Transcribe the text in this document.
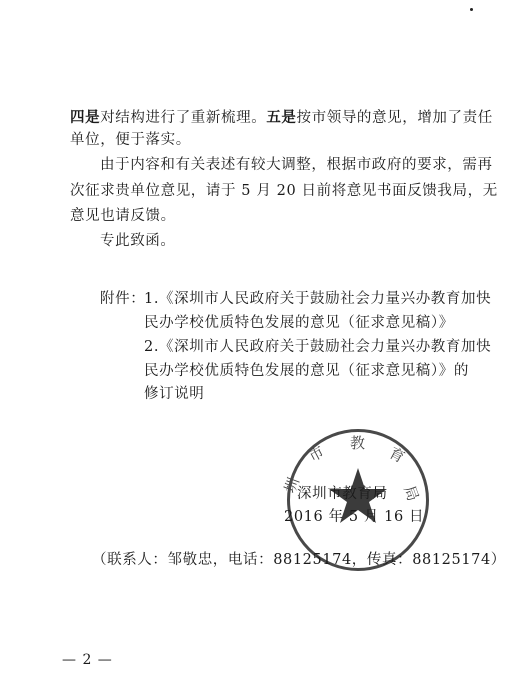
四是对结构进行了重新梳理。五是按市领导的意见，增加了责任
单位，便于落实。
由于内容和有关表述有较大调整，根据市政府的要求，需再
次征求贵单位意见，请于 5 月 20 日前将意见书面反馈我局，无
意见也请反馈。
专此致函。
附件：
1. 《深圳市人民政府关于鼓励社会力量兴办教育加快
民办学校优质特色发展的意见（征求意见稿）》
2. 《深圳市人民政府关于鼓励社会力量兴办教育加快
民办学校优质特色发展的意见（征求意见稿）》的
修订说明
市 教
育
圳	局
深圳市教育局
2016 年 5 月 16 日
（联系人：邹敬忠，电话：88125174，传真：88125174）
— 2 —
